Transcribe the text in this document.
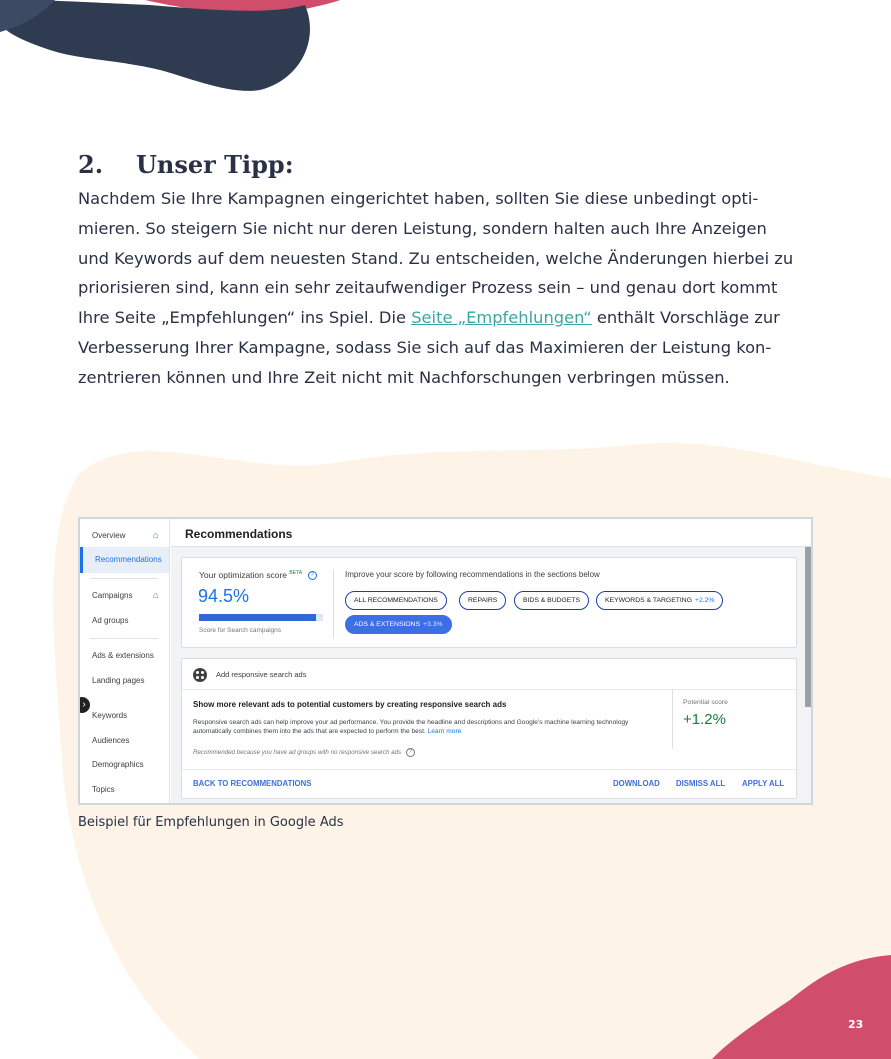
2.	Unser Tipp:

Nachdem Sie Ihre Kampagnen eingerichtet haben, sollten Sie diese unbedingt opti-

mieren. So steigern Sie nicht nur deren Leistung, sondern halten auch Ihre Anzeigen

und Keywords auf dem neuesten Stand. Zu entscheiden, welche Änderungen hierbei zu

priorisieren sind, kann ein sehr zeitaufwendiger Prozess sein – und genau dort kommt

Ihre Seite „Empfehlungen“ ins Spiel. Die Seite „Empfehlungen“ enthält Vorschläge zur

Verbesserung Ihrer Kampagne, sodass Sie sich auf das Maximieren der Leistung kon-

zentrieren können und Ihre Zeit nicht mit Nachforschungen verbringen müssen.

Overview	⌂
Recommendations
Campaigns ⌂
Ad groups
Ads & extensions
Landing pages
Keywords
Audiences
Demographics
Topics
›
Recommendations
Your optimization score $^{BETA}$ ?
94.5%
Score for Search campaigns
Improve your score by following recommendations in the sections below
ALL RECOMMENDATIONS	REPAIRS	BIDS & BUDGETS	KEYWORDS & TARGETING +2.2%
ADS & EXTENSIONS +3.3%
Add responsive search ads
Show more relevant ads to potential customers by creating responsive search ads
Responsive search ads can help improve your ad performance. You provide the headline and descriptions and Google’s machine learning technology automatically combines them into the ads that are expected to perform the best. Learn more
Recommended because you have ad groups with no responsive search ads ?
Potential score
+1.2%
BACK TO RECOMMENDATIONS	DOWNLOAD DISMISS ALL APPLY ALL
Beispiel für Empfehlungen in Google Ads
23
